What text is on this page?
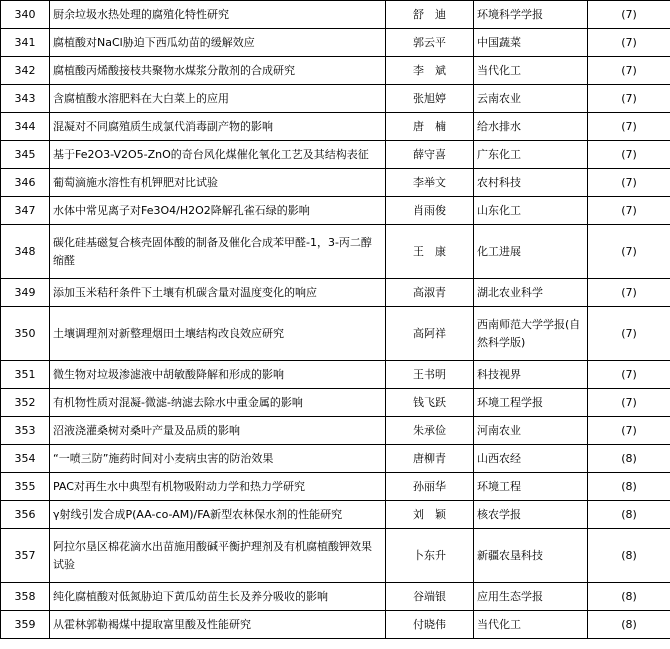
340	厨余垃圾水热处理的腐殖化特性研究	舒　迪	环境科学学报	(7)
341	腐植酸对NaCl胁迫下西瓜幼苗的缓解效应	郭云平	中国蔬菜	(7)
342	腐植酸丙烯酸接枝共聚物水煤浆分散剂的合成研究	李　斌	当代化工	(7)
343	含腐植酸水溶肥料在大白菜上的应用	张旭婷	云南农业	(7)
344	混凝对不同腐殖质生成氯代消毒副产物的影响	唐　楠	给水排水	(7)
345	基于Fe2O3-V2O5-ZnO的奇台风化煤催化氧化工艺及其结构表征	薛守喜	广东化工	(7)
346	葡萄滴施水溶性有机钾肥对比试验	李举文	农村科技	(7)
347	水体中常见离子对Fe3O4/H2O2降解孔雀石绿的影响	肖雨俊	山东化工	(7)
348	碳化硅基磁复合核壳固体酸的制备及催化合成苯甲醛-1，3-丙二醇缩醛	王　康	化工进展	(7)
349	添加玉米秸秆条件下土壤有机碳含量对温度变化的响应	高淑青	湖北农业科学	(7)
350	土壤调理剂对新整理烟田土壤结构改良效应研究	高阿祥	西南师范大学学报(自然科学版)	(7)
351	微生物对垃圾渗滤液中胡敏酸降解和形成的影响	王书明	科技视界	(7)
352	有机物性质对混凝-微滤-纳滤去除水中重金属的影响	钱飞跃	环境工程学报	(7)
353	沼液浇灌桑树对桑叶产量及品质的影响	朱承俭	河南农业	(7)
354	“一喷三防”施药时间对小麦病虫害的防治效果	唐柳青	山西农经	(8)
355	PAC对再生水中典型有机物吸附动力学和热力学研究	孙丽华	环境工程	(8)
356	γ射线引发合成P(AA-co-AM)/FA新型农林保水剂的性能研究	刘　颖	核农学报	(8)
357	阿拉尔垦区棉花滴水出苗施用酸碱平衡护理剂及有机腐植酸钾效果试验	卜东升	新疆农垦科技	(8)
358	纯化腐植酸对低氮胁迫下黄瓜幼苗生长及养分吸收的影响	谷端银	应用生态学报	(8)
359	从霍林郭勒褐煤中提取富里酸及性能研究	付晓伟	当代化工	(8)
